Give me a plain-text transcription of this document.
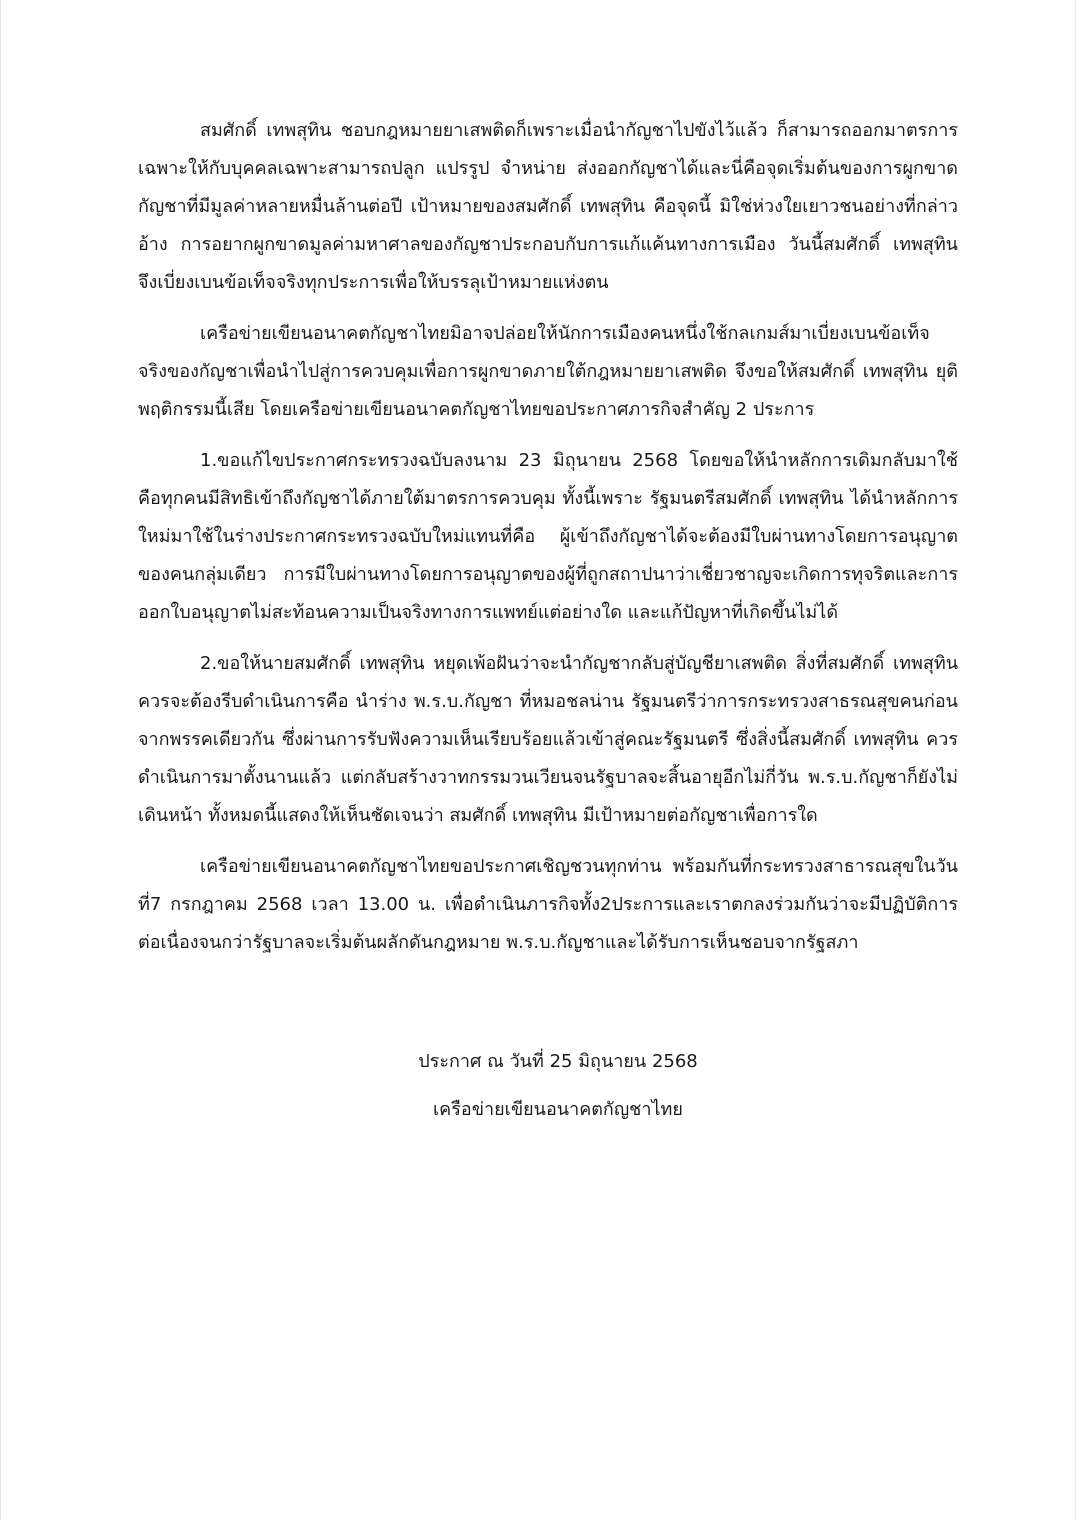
สมศักดิ์ เทพสุทิน ชอบกฎหมายยาเสพติดก็เพราะเมื่อนำกัญชาไปขังไว้แล้ว ก็สามารถออกมาตรการเฉพาะให้กับบุคคลเฉพาะสามารถปลูก แปรรูป จำหน่าย ส่งออกกัญชาได้และนี่คือจุดเริ่มต้นของการผูกขาดกัญชาที่มีมูลค่าหลายหมื่นล้านต่อปี เป้าหมายของสมศักดิ์ เทพสุทิน คือจุดนี้ มิใช่ห่วงใยเยาวชนอย่างที่กล่าวอ้าง การอยากผูกขาดมูลค่ามหาศาลของกัญชาประกอบกับการแก้แค้นทางการเมือง วันนี้สมศักดิ์ เทพสุทิน จึงเบี่ยงเบนข้อเท็จจริงทุกประการเพื่อให้บรรลุเป้าหมายแห่งตน

เครือข่ายเขียนอนาคตกัญชาไทยมิอาจปล่อยให้นักการเมืองคนหนึ่งใช้กลเกมส์มาเบี่ยงเบนข้อเท็จจริงของกัญชาเพื่อนำไปสู่การควบคุมเพื่อการผูกขาดภายใต้กฎหมายยาเสพติด จึงขอให้สมศักดิ์ เทพสุทิน ยุติพฤติกรรมนี้เสีย โดยเครือข่ายเขียนอนาคตกัญชาไทยขอประกาศภารกิจสำคัญ 2 ประการ

1.ขอแก้ไขประกาศกระทรวงฉบับลงนาม 23 มิถุนายน 2568 โดยขอให้นำหลักการเดิมกลับมาใช้คือทุกคนมีสิทธิเข้าถึงกัญชาได้ภายใต้มาตรการควบคุม ทั้งนี้เพราะ รัฐมนตรีสมศักดิ์ เทพสุทิน ได้นำหลักการใหม่มาใช้ในร่างประกาศกระทรวงฉบับใหม่แทนที่คือ ผู้เข้าถึงกัญชาได้จะต้องมีใบผ่านทางโดยการอนุญาตของคนกลุ่มเดียว การมีใบผ่านทางโดยการอนุญาตของผู้ที่ถูกสถาปนาว่าเชี่ยวชาญจะเกิดการทุจริตและการออกใบอนุญาตไม่สะท้อนความเป็นจริงทางการแพทย์แต่อย่างใด และแก้ปัญหาที่เกิดขึ้นไม่ได้

2.ขอให้นายสมศักดิ์ เทพสุทิน หยุดเพ้อฝันว่าจะนำกัญชากลับสู่บัญชียาเสพติด สิ่งที่สมศักดิ์ เทพสุทิน ควรจะต้องรีบดำเนินการคือ นำร่าง พ.ร.บ.กัญชา ที่หมอชลน่าน รัฐมนตรีว่าการกระทรวงสาธรณสุขคนก่อนจากพรรคเดียวกัน ซึ่งผ่านการรับฟังความเห็นเรียบร้อยแล้วเข้าสู่คณะรัฐมนตรี ซึ่งสิ่งนี้สมศักดิ์ เทพสุทิน ควรดำเนินการมาตั้งนานแล้ว แต่กลับสร้างวาทกรรมวนเวียนจนรัฐบาลจะสิ้นอายุอีกไม่กี่วัน พ.ร.บ.กัญชาก็ยังไม่เดินหน้า ทั้งหมดนี้แสดงให้เห็นชัดเจนว่า สมศักดิ์ เทพสุทิน มีเป้าหมายต่อกัญชาเพื่อการใด

เครือข่ายเขียนอนาคตกัญชาไทยขอประกาศเชิญชวนทุกท่าน พร้อมกันที่กระทรวงสาธารณสุขในวันที่7 กรกฎาคม 2568 เวลา 13.00 น. เพื่อดำเนินภารกิจทั้ง2ประการและเราตกลงร่วมกันว่าจะมีปฏิบัติการต่อเนื่องจนกว่ารัฐบาลจะเริ่มต้นผลักดันกฎหมาย พ.ร.บ.กัญชาและได้รับการเห็นชอบจากรัฐสภา

ประกาศ ณ วันที่ 25 มิถุนายน 2568

เครือข่ายเขียนอนาคตกัญชาไทย
